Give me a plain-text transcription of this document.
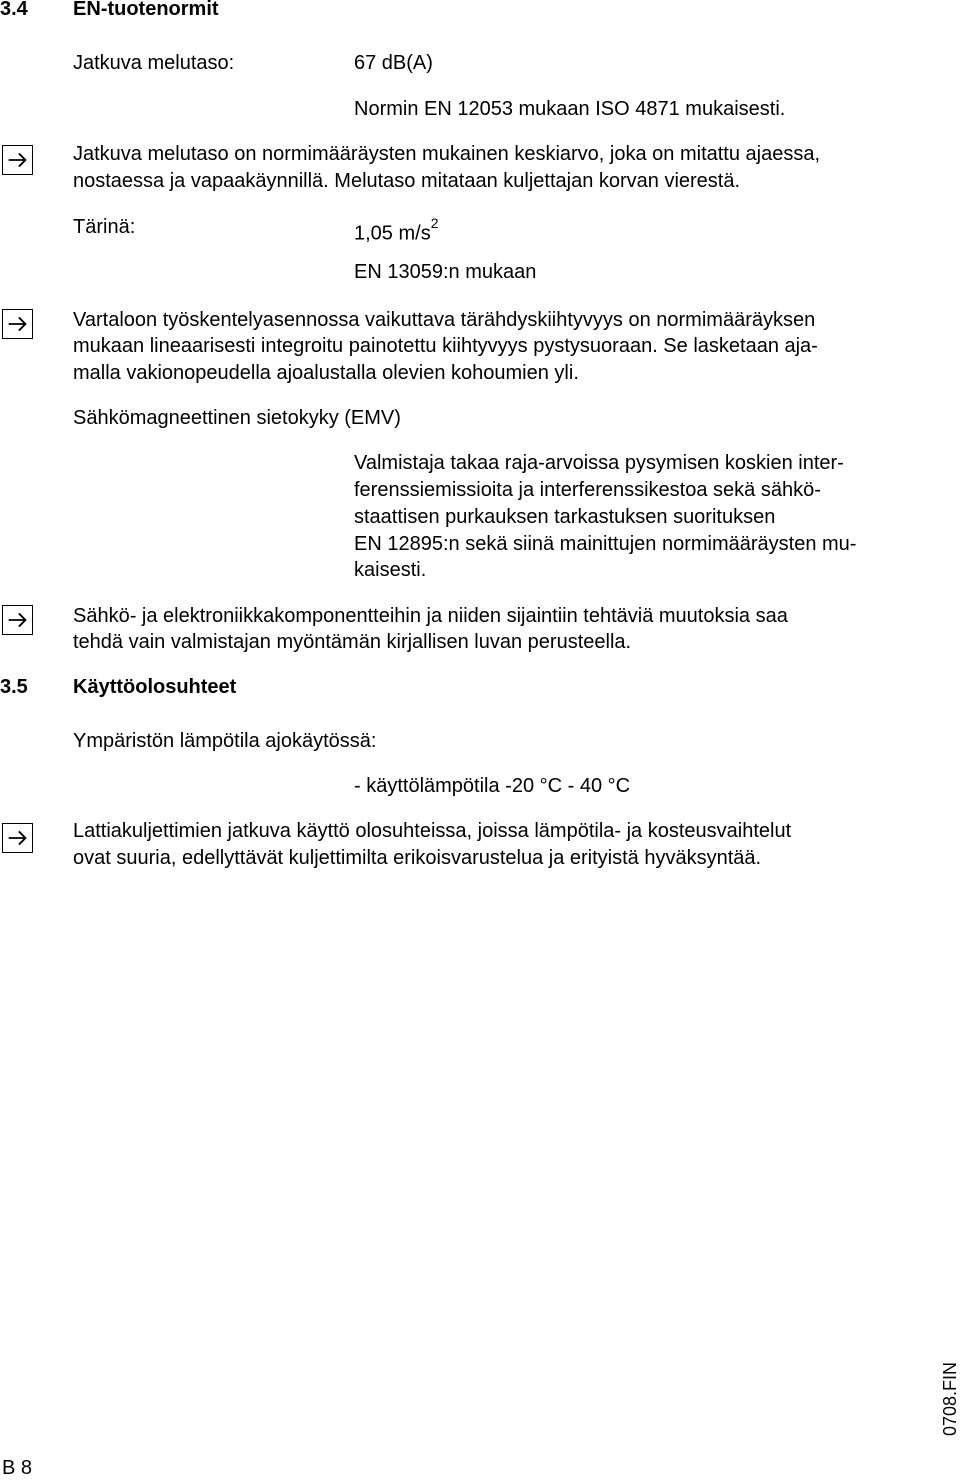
3.4 EN-tuotenormit
Jatkuva melutaso:	67 dB(A)
Normin EN 12053 mukaan ISO 4871 mukaisesti.
Jatkuva melutaso on normimääräysten mukainen keskiarvo, joka on mitattu ajaessa,
nostaessa ja vapaakäynnillä. Melutaso mitataan kuljettajan korvan vierestä.
Tärinä:	1,05 $m/s^2$
EN 13059:n mukaan
Vartaloon työskentelyasennossa vaikuttava tärähdyskiihtyvyys on normimääräyksen
mukaan lineaarisesti integroitu painotettu kiihtyvyys pystysuoraan. Se lasketaan aja-
malla vakionopeudella ajoalustalla olevien kohoumien yli.
Sähkömagneettinen sietokyky (EMV)
Valmistaja takaa raja-arvoissa pysymisen koskien inter-
ferenssiemissioita ja interferenssikestoa sekä sähkö-
staattisen purkauksen tarkastuksen suorituksen
EN 12895:n sekä siinä mainittujen normimääräysten mu-
kaisesti.
Sähkö- ja elektroniikkakomponentteihin ja niiden sijaintiin tehtäviä muutoksia saa
tehdä vain valmistajan myöntämän kirjallisen luvan perusteella.
3.5 Käyttöolosuhteet
Ympäristön lämpötila ajokäytössä:
- käyttölämpötila -20 °C - 40 °C
Lattiakuljettimien jatkuva käyttö olosuhteissa, joissa lämpötila- ja kosteusvaihtelut
ovat suuria, edellyttävät kuljettimilta erikoisvarustelua ja erityistä hyväksyntää.
0708.FIN
B 8
